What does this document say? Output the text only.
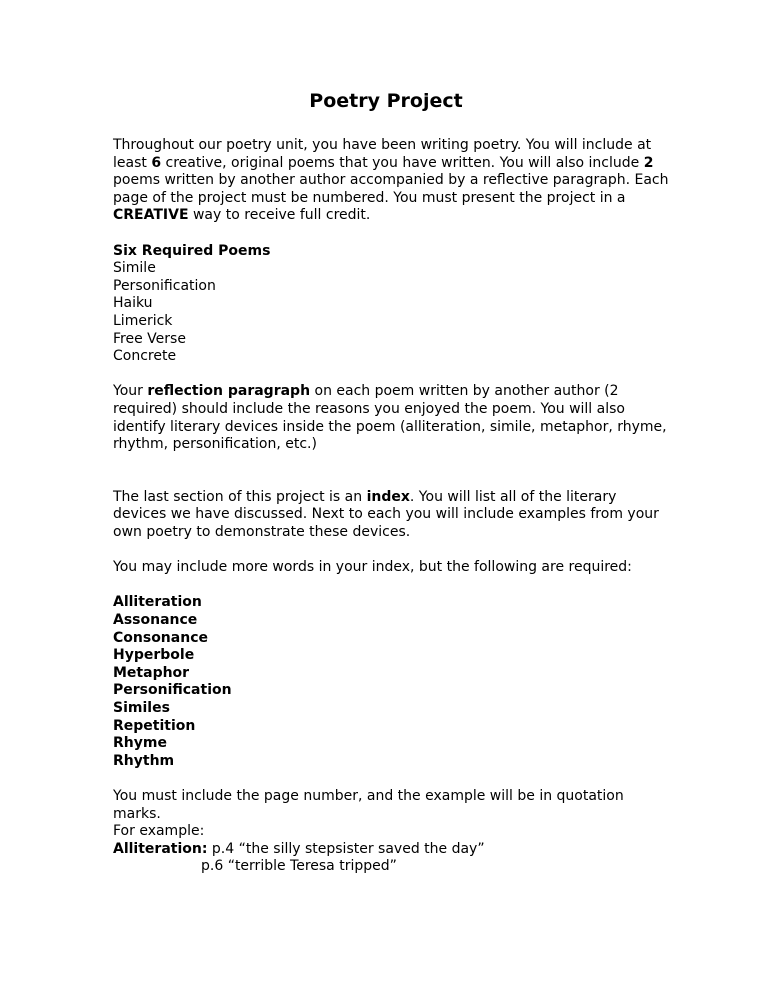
Poetry Project

Throughout our poetry unit, you have been writing poetry. You will include at least 6 creative, original poems that you have written. You will also include 2 poems written by another author accompanied by a reflective paragraph. Each page of the project must be numbered. You must present the project in a CREATIVE way to receive full credit.

Six Required Poems
Simile
Personification
Haiku
Limerick
Free Verse
Concrete

Your reflection paragraph on each poem written by another author (2 required) should include the reasons you enjoyed the poem. You will also identify literary devices inside the poem (alliteration, simile, metaphor, rhyme, rhythm, personification, etc.)

The last section of this project is an index. You will list all of the literary devices we have discussed. Next to each you will include examples from your own poetry to demonstrate these devices.

You may include more words in your index, but the following are required:

Alliteration
Assonance
Consonance
Hyperbole
Metaphor
Personification
Similes
Repetition
Rhyme
Rhythm

You must include the page number, and the example will be in quotation marks.

For example:

Alliteration: p.4 “the silly stepsister saved the day”

p.6 “terrible Teresa tripped”
